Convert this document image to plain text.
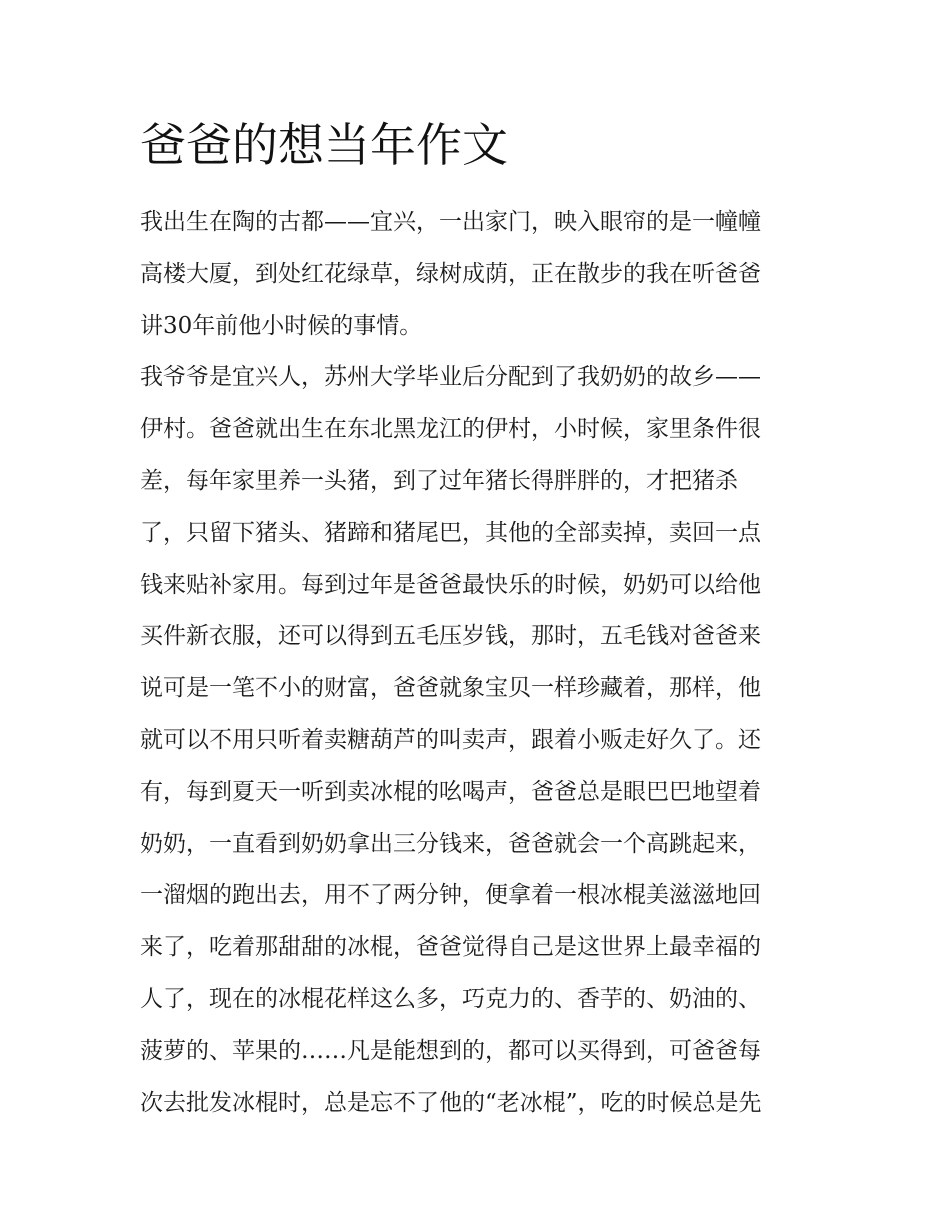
爸爸的想当年作文
我出生在陶的古都——宜兴，一出家门，映入眼帘的是一幢幢
高楼大厦，到处红花绿草，绿树成荫，正在散步的我在听爸爸
讲30年前他小时候的事情。
我爷爷是宜兴人，苏州大学毕业后分配到了我奶奶的故乡——
伊村。爸爸就出生在东北黑龙江的伊村，小时候，家里条件很
差，每年家里养一头猪，到了过年猪长得胖胖的，才把猪杀
了，只留下猪头、猪蹄和猪尾巴，其他的全部卖掉，卖回一点
钱来贴补家用。每到过年是爸爸最快乐的时候，奶奶可以给他
买件新衣服，还可以得到五毛压岁钱，那时，五毛钱对爸爸来
说可是一笔不小的财富，爸爸就象宝贝一样珍藏着，那样，他
就可以不用只听着卖糖葫芦的叫卖声，跟着小贩走好久了。还
有，每到夏天一听到卖冰棍的吆喝声，爸爸总是眼巴巴地望着
奶奶，一直看到奶奶拿出三分钱来，爸爸就会一个高跳起来，
一溜烟的跑出去，用不了两分钟，便拿着一根冰棍美滋滋地回
来了，吃着那甜甜的冰棍，爸爸觉得自己是这世界上最幸福的
人了，现在的冰棍花样这么多，巧克力的、香芋的、奶油的、
菠萝的、苹果的……凡是能想到的，都可以买得到，可爸爸每
次去批发冰棍时，总是忘不了他的“老冰棍”，吃的时候总是先
